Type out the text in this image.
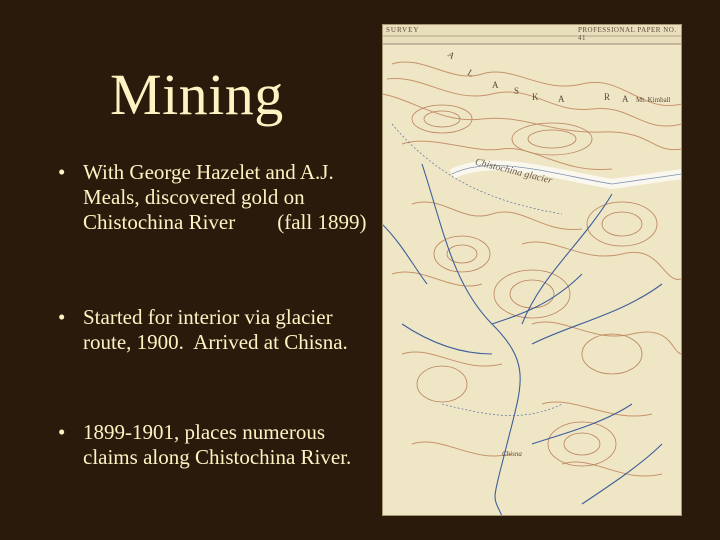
Mining
• With George Hazelet and A.J. Meals, discovered gold on Chistochina River        (fall 1899)
• Started for interior via glacier route, 1900.  Arrived at Chisna.
• 1899-1901, places numerous claims along Chistochina River.
SURVEY	PROFESSIONAL PAPER NO. 41
A
L
A
S
K A	R A Mt. Kimball
Chistochina glacier
Chisna
